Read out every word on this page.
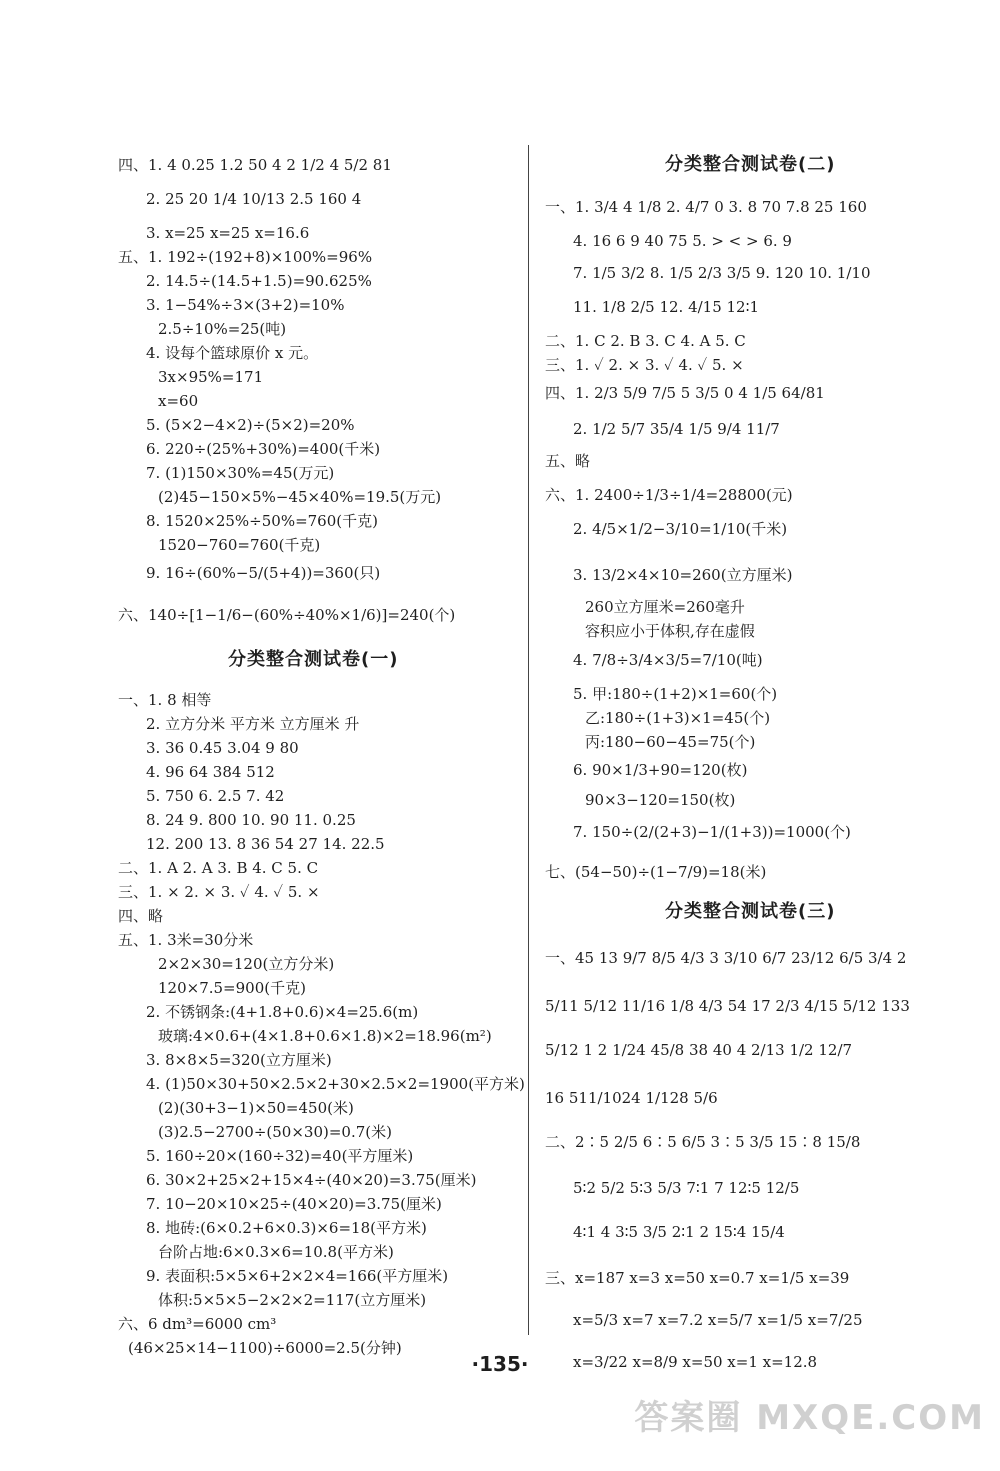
四、1. 4 0.25 1.2 50 4 2 1/2 4 5/2 81
2. 25 20 1/4 10/13 2.5 160 4
3. x=25 x=25 x=16.6
五、1. 192÷(192+8)×100%=96%
2. 14.5÷(14.5+1.5)=90.625%
3. 1−54%÷3×(3+2)=10%
2.5÷10%=25(吨)
4. 设每个篮球原价 x 元。
3x×95%=171
x=60
5. (5×2−4×2)÷(5×2)=20%
6. 220÷(25%+30%)=400(千米)
7. (1)150×30%=45(万元)
(2)45−150×5%−45×40%=19.5(万元)
8. 1520×25%÷50%=760(千克)
1520−760=760(千克)
9. 16÷(60%−5/(5+4))=360(只)
六、140÷[1−1/6−(60%÷40%×1/6)]=240(个)
分类整合测试卷(一)
一、1. 8 相等
2. 立方分米 平方米 立方厘米 升
3. 36 0.45 3.04 9 80
4. 96 64 384 512
5. 750 6. 2.5 7. 42
8. 24 9. 800 10. 90 11. 0.25
12. 200 13. 8 36 54 27 14. 22.5
二、1. A 2. A 3. B 4. C 5. C
三、1. × 2. × 3. ✓ 4. ✓ 5. ×
四、略
五、1. 3米=30分米
2×2×30=120(立方分米)
120×7.5=900(千克)
2. 不锈钢条:(4+1.8+0.6)×4=25.6(m)
玻璃:4×0.6+(4×1.8+0.6×1.8)×2=18.96(m²)
3. 8×8×5=320(立方厘米)
4. (1)50×30+50×2.5×2+30×2.5×2=1900(平方米)
(2)(30+3−1)×50=450(米)
(3)2.5−2700÷(50×30)=0.7(米)
5. 160÷20×(160÷32)=40(平方厘米)
6. 30×2+25×2+15×4÷(40×20)=3.75(厘米)
7. 10−20×10×25÷(40×20)=3.75(厘米)
8. 地砖:(6×0.2+6×0.3)×6=18(平方米)
台阶占地:6×0.3×6=10.8(平方米)
9. 表面积:5×5×6+2×2×4=166(平方厘米)
体积:5×5×5−2×2×2=117(立方厘米)
六、6 dm³=6000 cm³
(46×25×14−1100)÷6000=2.5(分钟)
分类整合测试卷(二)
一、1. 3/4 4 1/8 2. 4/7 0 3. 8 70 7.8 25 160
4. 16 6 9 40 75 5. > < > 6. 9
7. 1/5 3/2 8. 1/5 2/3 3/5 9. 120 10. 1/10
11. 1/8 2/5 12. 4/15 12∶1
二、1. C 2. B 3. C 4. A 5. C
三、1. ✓ 2. × 3. ✓ 4. ✓ 5. ×
四、1. 2/3 5/9 7/5 5 3/5 0 4 1/5 64/81
2. 1/2 5/7 35/4 1/5 9/4 11/7
五、略
六、1. 2400÷1/3÷1/4=28800(元)
2. 4/5×1/2−3/10=1/10(千米)
3. 13/2×4×10=260(立方厘米)
260立方厘米=260毫升
容积应小于体积,存在虚假
4. 7/8÷3/4×3/5=7/10(吨)
5. 甲:180÷(1+2)×1=60(个)
乙:180÷(1+3)×1=45(个)
丙:180−60−45=75(个)
6. 90×1/3+90=120(枚)
90×3−120=150(枚)
7. 150÷(2/(2+3)−1/(1+3))=1000(个)
七、(54−50)÷(1−7/9)=18(米)
分类整合测试卷(三)
一、45 13 9/7 8/5 4/3 3 3/10 6/7 23/12 6/5 3/4 2
5/11 5/12 11/16 1/8 4/3 54 17 2/3 4/15 5/12 133
5/12 1 2 1/24 45/8 38 40 4 2/13 1/2 12/7
16 511/1024 1/128 5/6
二、2∶5 2/5 6∶5 6/5 3∶5 3/5 15∶8 15/8
5∶2 5/2 5∶3 5/3 7∶1 7 12∶5 12/5
4∶1 4 3∶5 3/5 2∶1 2 15∶4 15/4
三、x=187 x=3 x=50 x=0.7 x=1/5 x=39
x=5/3 x=7 x=7.2 x=5/7 x=1/5 x=7/25
x=3/22 x=8/9 x=50 x=1 x=12.8
·135·
答案圈 MXQE.COM
